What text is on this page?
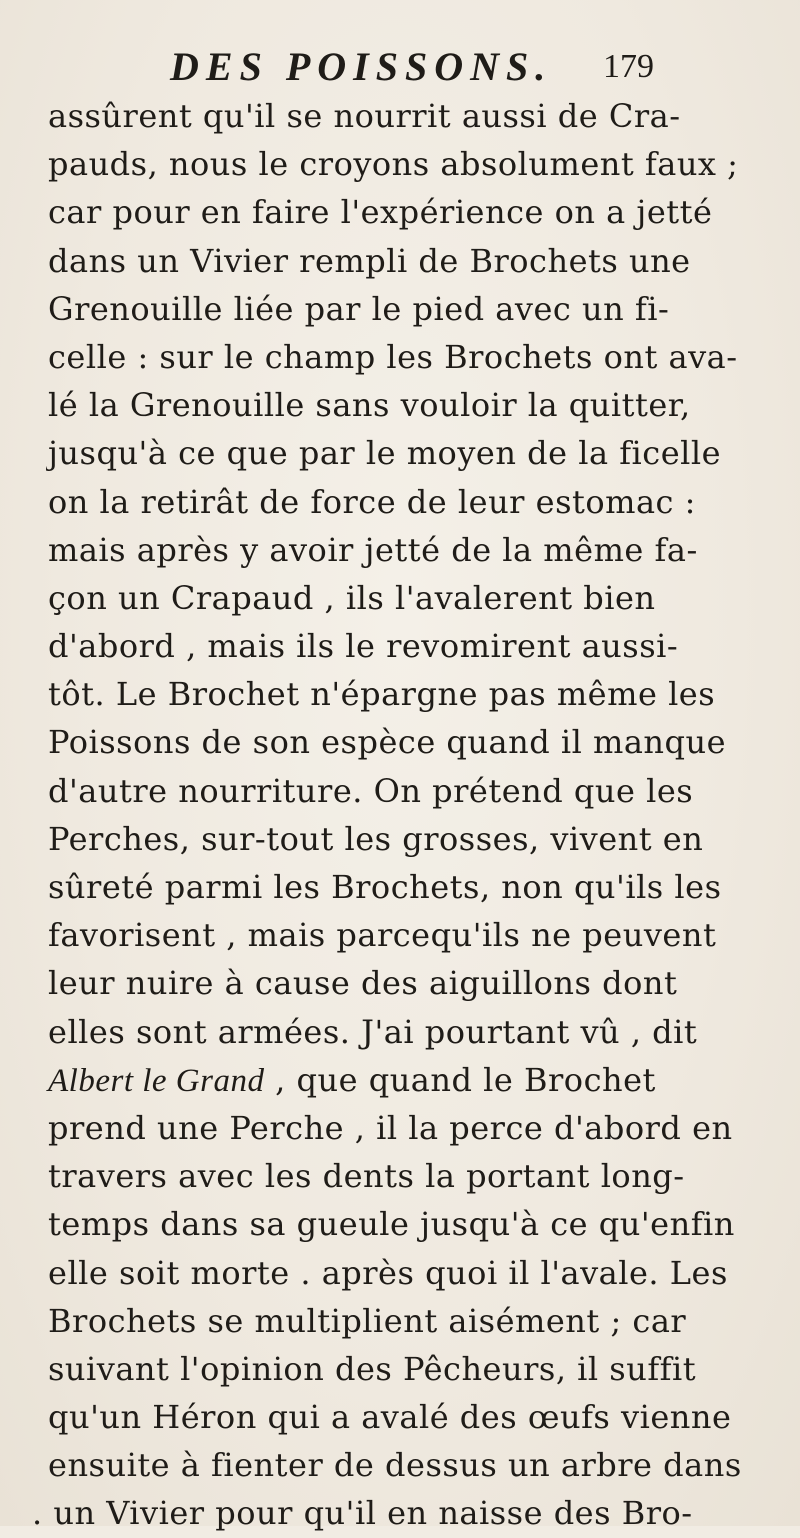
DES POISSONS. 179
assûrent qu'il se nourrit aussi de Cra-
pauds, nous le croyons absolument faux ;
car pour en faire l'expérience on a jetté
dans un Vivier rempli de Brochets une
Grenouille liée par le pied avec un fi-
celle : sur le champ les Brochets ont ava-
lé la Grenouille sans vouloir la quitter,
jusqu'à ce que par le moyen de la ficelle
on la retirât de force de leur estomac :
mais après y avoir jetté de la même fa-
çon un Crapaud , ils l'avalerent bien
d'abord , mais ils le revomirent aussi-
tôt. Le Brochet n'épargne pas même les
Poissons de son espèce quand il manque
d'autre nourriture. On prétend que les
Perches, sur-tout les grosses, vivent en
sûreté parmi les Brochets, non qu'ils les
favorisent , mais parcequ'ils ne peuvent
leur nuire à cause des aiguillons dont
elles sont armées. J'ai pourtant vû , dit
Albert le Grand , que quand le Brochet
prend une Perche , il la perce d'abord en
travers avec les dents la portant long-
temps dans sa gueule jusqu'à ce qu'enfin
elle soit morte . après quoi il l'avale. Les
Brochets se multiplient aisément ; car
suivant l'opinion des Pêcheurs, il suffit
qu'un Héron qui a avalé des œufs vienne
ensuite à fienter de dessus un arbre dans
. un Vivier pour qu'il en naisse des Bro-
